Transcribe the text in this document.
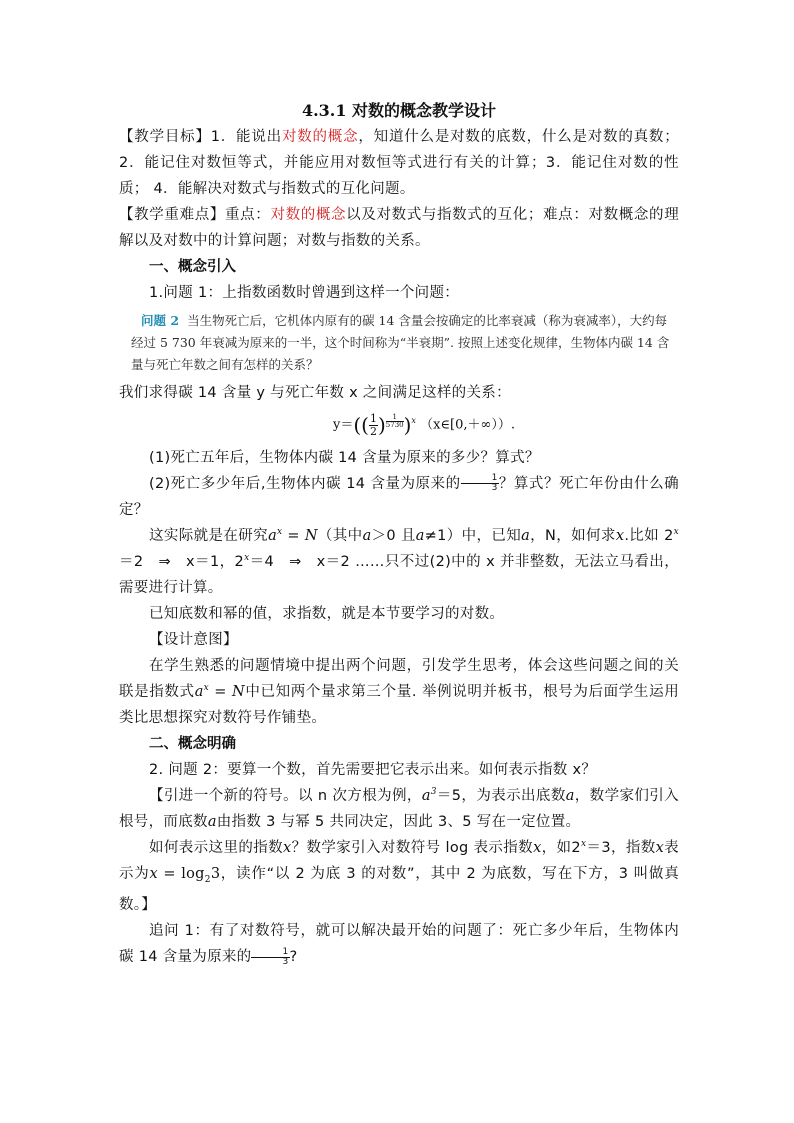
4.3.1 对数的概念教学设计

【教学目标】1．能说出对数的概念，知道什么是对数的底数，什么是对数的真数；2．能记住对数恒等式，并能应用对数恒等式进行有关的计算；3．能记住对数的性质； 4．能解决对数式与指数式的互化问题。

【教学重难点】重点：对数的概念以及对数式与指数式的互化；难点：对数概念的理解以及对数中的计算问题；对数与指数的关系。

一、概念引入

1.问题 1：上指数函数时曾遇到这样一个问题：

问题 2 当生物死亡后，它机体内原有的碳 14 含量会按确定的比率衰减（称为衰减率），大约每经过 5 730 年衰减为原来的一半，这个时间称为“半衰期”. 按照上述变化规律，生物体内碳 14 含量与死亡年数之间有怎样的关系？

我们求得碳 14 含量 y 与死亡年数 x 之间满足这样的关系：

$y=(( \frac{1}{2}$ ) $^{\frac{1}{5730}}$ )$^x$ （x∈[0,＋∞））.

(1)死亡五年后，生物体内碳 14 含量为原来的多少？算式？

(2)死亡多少年后,生物体内碳 14 含量为原来的 $\frac{1}{3}$ ？算式？死亡年份由什么确定？

这实际就是在研究$a^x = N$（其中a＞0 且a≠1）中，已知a，N，如何求x.比如 $2^x=2$　⇒　x＝1，$2^x=4$　⇒　x＝2 ……只不过(2)中的 x 并非整数，无法立马看出，需要进行计算。

已知底数和幂的值，求指数，就是本节要学习的对数。

【设计意图】

在学生熟悉的问题情境中提出两个问题，引发学生思考，体会这些问题之间的关联是指数式$a^x = N$中已知两个量求第三个量. 举例说明并板书，根号为后面学生运用类比思想探究对数符号作铺垫。

二、概念明确

2. 问题 2：要算一个数，首先需要把它表示出来。如何表示指数 x？

【引进一个新的符号。以 n 次方根为例，$a^3=5$，为表示出底数a，数学家们引入根号，而底数a由指数 3 与幂 5 共同决定，因此 3、5 写在一定位置。

如何表示这里的指数x？数学家引入对数符号 log 表示指数x，如$2^x=3$，指数x表示为$x = \log_23$，读作“以 2 为底 3 的对数”，其中 2 为底数，写在下方，3 叫做真数。】

追问 1：有了对数符号，就可以解决最开始的问题了：死亡多少年后，生物体内碳 14 含量为原来的 $\frac{1}{3}$ ?
